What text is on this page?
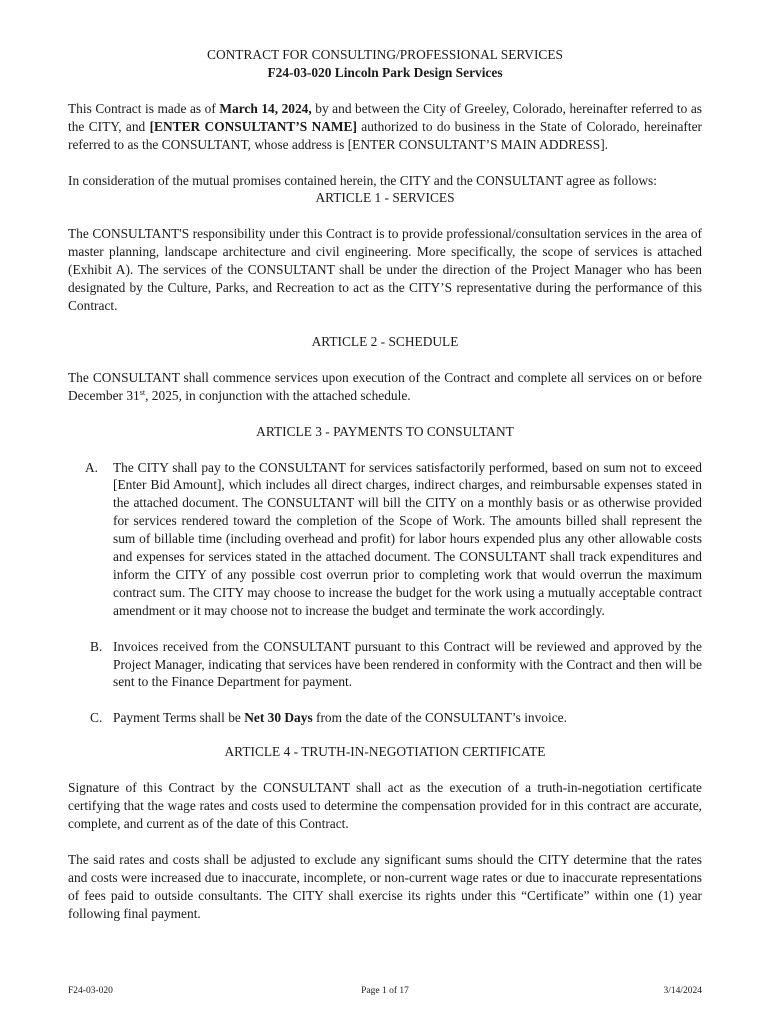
CONTRACT FOR CONSULTING/PROFESSIONAL SERVICES

F24-03-020 Lincoln Park Design Services

This Contract is made as of March 14, 2024, by and between the City of Greeley, Colorado, hereinafter referred to as the CITY, and [ENTER CONSULTANT’S NAME] authorized to do business in the State of Colorado, hereinafter referred to as the CONSULTANT, whose address is [ENTER CONSULTANT’S MAIN ADDRESS].

In consideration of the mutual promises contained herein, the CITY and the CONSULTANT agree as follows:

ARTICLE 1 - SERVICES

The CONSULTANT'S responsibility under this Contract is to provide professional/consultation services in the area of master planning, landscape architecture and civil engineering. More specifically, the scope of services is attached (Exhibit A). The services of the CONSULTANT shall be under the direction of the Project Manager who has been designated by the Culture, Parks, and Recreation to act as the CITY’S representative during the performance of this Contract.

ARTICLE 2 - SCHEDULE

The CONSULTANT shall commence services upon execution of the Contract and complete all services on or before December 31st, 2025, in conjunction with the attached schedule.

ARTICLE 3 - PAYMENTS TO CONSULTANT

A. The CITY shall pay to the CONSULTANT for services satisfactorily performed, based on sum not to exceed [Enter Bid Amount], which includes all direct charges, indirect charges, and reimbursable expenses stated in the attached document. The CONSULTANT will bill the CITY on a monthly basis or as otherwise provided for services rendered toward the completion of the Scope of Work. The amounts billed shall represent the sum of billable time (including overhead and profit) for labor hours expended plus any other allowable costs and expenses for services stated in the attached document. The CONSULTANT shall track expenditures and inform the CITY of any possible cost overrun prior to completing work that would overrun the maximum contract sum. The CITY may choose to increase the budget for the work using a mutually acceptable contract amendment or it may choose not to increase the budget and terminate the work accordingly.

B. Invoices received from the CONSULTANT pursuant to this Contract will be reviewed and approved by the Project Manager, indicating that services have been rendered in conformity with the Contract and then will be sent to the Finance Department for payment.

C. Payment Terms shall be Net 30 Days from the date of the CONSULTANT’s invoice.

ARTICLE 4 - TRUTH-IN-NEGOTIATION CERTIFICATE

Signature of this Contract by the CONSULTANT shall act as the execution of a truth-in-negotiation certificate certifying that the wage rates and costs used to determine the compensation provided for in this contract are accurate, complete, and current as of the date of this Contract.

The said rates and costs shall be adjusted to exclude any significant sums should the CITY determine that the rates and costs were increased due to inaccurate, incomplete, or non-current wage rates or due to inaccurate representations of fees paid to outside consultants. The CITY shall exercise its rights under this “Certificate” within one (1) year following final payment.

F24-03-020	Page 1 of 17	3/14/2024
